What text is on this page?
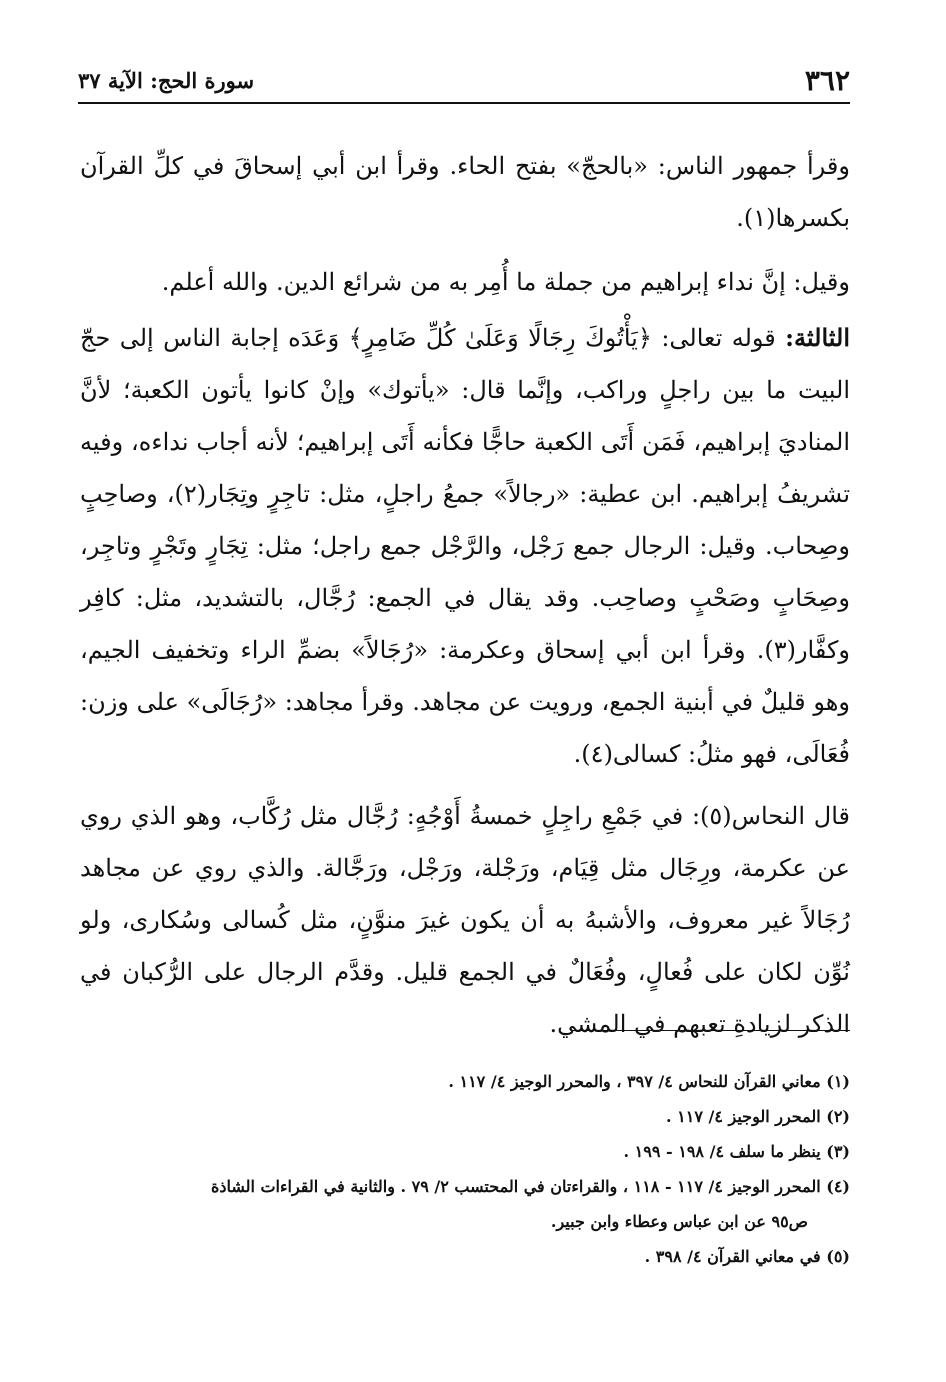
٣٦٢
سورة الحج: الآية ٣٧

وقرأ جمهور الناس: «بالحجّ» بفتح الحاء. وقرأ ابن أبي إسحاقَ في كلِّ القرآن بكسرها(١).

وقيل: إنَّ نداء إبراهيم من جملة ما أُمِر به من شرائع الدين. والله أعلم.

الثالثة: قوله تعالى: ﴿يَأْتُوكَ رِجَالًا وَعَلَىٰ كُلِّ ضَامِرٍ﴾ وَعَدَه إجابة الناس إلى حجّ البيت ما بين راجلٍ وراكب، وإنَّما قال: «يأتوك» وإنْ كانوا يأتون الكعبة؛ لأنَّ المناديَ إبراهيم، فَمَن أَتَى الكعبة حاجًّا فكأنه أَتَى إبراهيم؛ لأنه أجاب نداءه، وفيه تشريفُ إبراهيم. ابن عطية: «رجالاً» جمعُ راجلٍ، مثل: تاجِرٍ وتِجَار(٢)، وصاحِبٍ وصِحاب. وقيل: الرجال جمع رَجْل، والرَّجْل جمع راجل؛ مثل: تِجَارٍ وتَجْرٍ وتاجِر، وصِحَابٍ وصَحْبٍ وصاحِب. وقد يقال في الجمع: رُجَّال، بالتشديد، مثل: كافِر وكفَّار(٣). وقرأ ابن أبي إسحاق وعكرمة: «رُجَالاً» بضمِّ الراء وتخفيف الجيم، وهو قليلٌ في أبنية الجمع، ورويت عن مجاهد. وقرأ مجاهد: «رُجَالَى» على وزن: فُعَالَى، فهو مثلُ: كسالى(٤).

قال النحاس(٥): في جَمْعِ راجِلٍ خمسةُ أَوْجُهٍ: رُجَّال مثل رُكَّاب، وهو الذي روي عن عكرمة، ورِجَال مثل قِيَام، ورَجْلة، ورَجْل، ورَجَّالة. والذي روي عن مجاهد رُجَالاً غير معروف، والأشبهُ به أن يكون غيرَ منوَّنٍ، مثل كُسالى وسُكارى، ولو نُوِّن لكان على فُعالٍ، وفُعَالٌ في الجمع قليل. وقدَّم الرجال على الرُّكبان في الذكر لزيادةِ تعبهم في المشي.

(١) معاني القرآن للنحاس ٤/ ٣٩٧ ، والمحرر الوجيز ٤/ ١١٧ .

(٢) المحرر الوجيز ٤/ ١١٧ .

(٣) ينظر ما سلف ٤/ ١٩٨ - ١٩٩ .

(٤) المحرر الوجيز ٤/ ١١٧ - ١١٨ ، والقراءتان في المحتسب ٢/ ٧٩ . والثانية في القراءات الشاذة

ص٩٥ عن ابن عباس وعطاء وابن جبير.

(٥) في معاني القرآن ٤/ ٣٩٨ .
